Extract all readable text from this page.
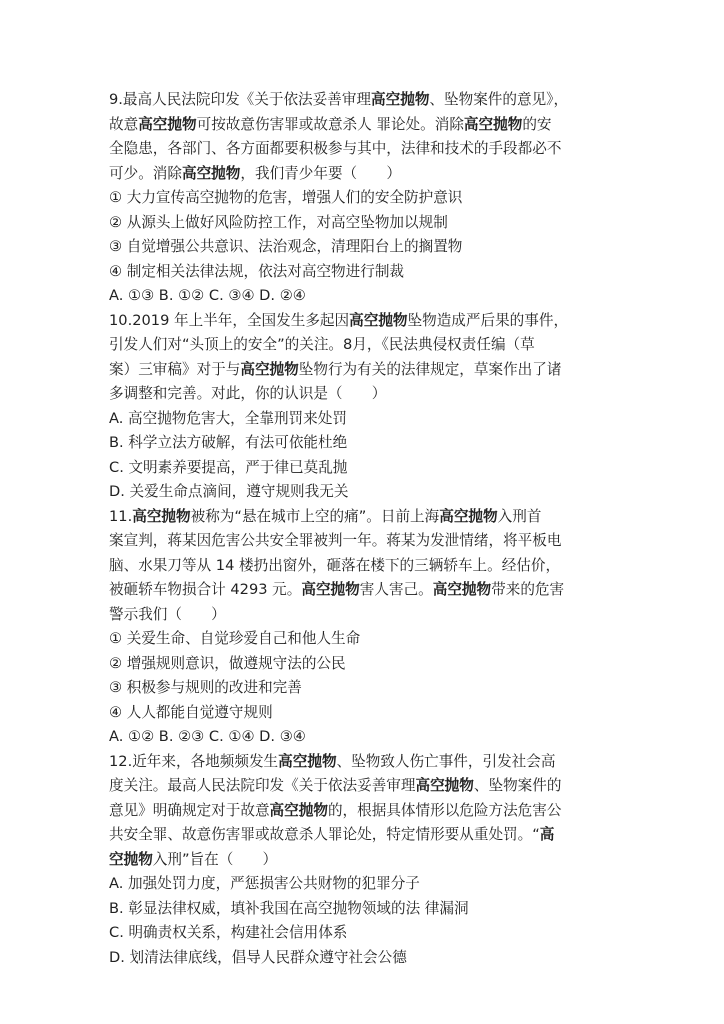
9.最高人民法院印发《关于依法妥善审理高空抛物、坠物案件的意见》，
故意高空抛物可按故意伤害罪或故意杀人 罪论处。消除高空抛物的安
全隐患，各部门、各方面都要积极参与其中，法律和技术的手段都必不
可少。消除高空抛物，我们青少年要（　　）
① 大力宣传高空抛物的危害，增强人们的安全防护意识
② 从源头上做好风险防控工作，对高空坠物加以规制
③ 自觉增强公共意识、法治观念，清理阳台上的搁置物
④ 制定相关法律法规，依法对高空物进行制裁
A. ①③ B. ①② C. ③④ D. ②④
10.2019 年上半年，全国发生多起因高空抛物坠物造成严后果的事件，
引发人们对“头顶上的安全”的关注。8月，《民法典侵权责任编（草
案）三审稿》对于与高空抛物坠物行为有关的法律规定，草案作出了诸
多调整和完善。对此，你的认识是（　　）
A. 高空抛物危害大，全靠刑罚来处罚
B. 科学立法方破解，有法可依能杜绝
C. 文明素养要提高，严于律已莫乱抛
D. 关爱生命点滴间，遵守规则我无关
11.高空抛物被称为“悬在城市上空的痛”。日前上海高空抛物入刑首
案宣判，蒋某因危害公共安全罪被判一年。蒋某为发泄情绪，将平板电
脑、水果刀等从 14 楼扔出窗外，砸落在楼下的三辆轿车上。经估价，
被砸轿车物损合计 4293 元。高空抛物害人害己。高空抛物带来的危害
警示我们（　　）
① 关爱生命、自觉珍爱自己和他人生命
② 增强规则意识，做遵规守法的公民
③ 积极参与规则的改进和完善
④ 人人都能自觉遵守规则
A. ①② B. ②③ C. ①④ D. ③④
12.近年来，各地频频发生高空抛物、坠物致人伤亡事件，引发社会高
度关注。最高人民法院印发《关于依法妥善审理高空抛物、坠物案件的
意见》明确规定对于故意高空抛物的，根据具体情形以危险方法危害公
共安全罪、故意伤害罪或故意杀人罪论处，特定情形要从重处罚。“高
空抛物入刑”旨在（　　）
A. 加强处罚力度，严惩损害公共财物的犯罪分子
B. 彰显法律权威，填补我国在高空抛物领域的法 律漏洞
C. 明确责权关系，构建社会信用体系
D. 划清法律底线，倡导人民群众遵守社会公德
